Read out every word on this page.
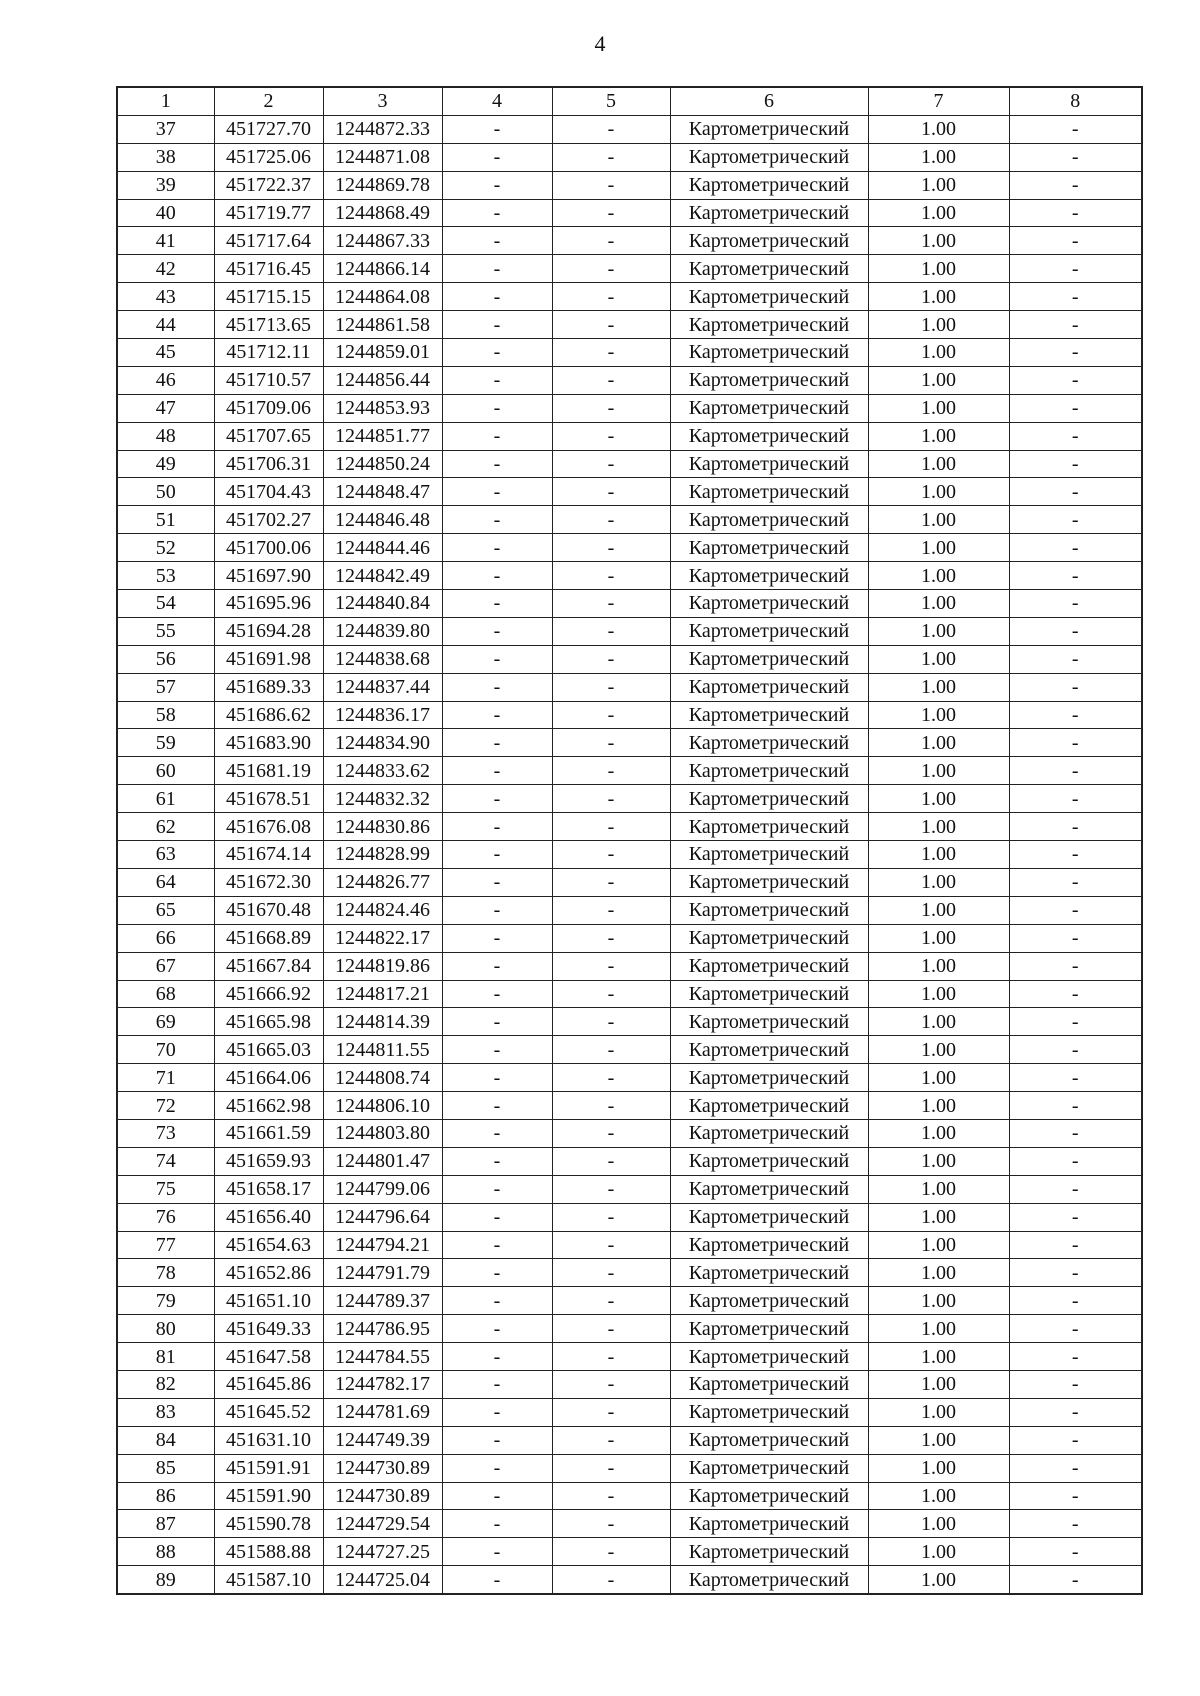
4
1	2	3	4	5	6	7	8
37	451727.70	1244872.33	-	-	Картометрический	1.00	-
38	451725.06	1244871.08	-	-	Картометрический	1.00	-
39	451722.37	1244869.78	-	-	Картометрический	1.00	-
40	451719.77	1244868.49	-	-	Картометрический	1.00	-
41	451717.64	1244867.33	-	-	Картометрический	1.00	-
42	451716.45	1244866.14	-	-	Картометрический	1.00	-
43	451715.15	1244864.08	-	-	Картометрический	1.00	-
44	451713.65	1244861.58	-	-	Картометрический	1.00	-
45	451712.11	1244859.01	-	-	Картометрический	1.00	-
46	451710.57	1244856.44	-	-	Картометрический	1.00	-
47	451709.06	1244853.93	-	-	Картометрический	1.00	-
48	451707.65	1244851.77	-	-	Картометрический	1.00	-
49	451706.31	1244850.24	-	-	Картометрический	1.00	-
50	451704.43	1244848.47	-	-	Картометрический	1.00	-
51	451702.27	1244846.48	-	-	Картометрический	1.00	-
52	451700.06	1244844.46	-	-	Картометрический	1.00	-
53	451697.90	1244842.49	-	-	Картометрический	1.00	-
54	451695.96	1244840.84	-	-	Картометрический	1.00	-
55	451694.28	1244839.80	-	-	Картометрический	1.00	-
56	451691.98	1244838.68	-	-	Картометрический	1.00	-
57	451689.33	1244837.44	-	-	Картометрический	1.00	-
58	451686.62	1244836.17	-	-	Картометрический	1.00	-
59	451683.90	1244834.90	-	-	Картометрический	1.00	-
60	451681.19	1244833.62	-	-	Картометрический	1.00	-
61	451678.51	1244832.32	-	-	Картометрический	1.00	-
62	451676.08	1244830.86	-	-	Картометрический	1.00	-
63	451674.14	1244828.99	-	-	Картометрический	1.00	-
64	451672.30	1244826.77	-	-	Картометрический	1.00	-
65	451670.48	1244824.46	-	-	Картометрический	1.00	-
66	451668.89	1244822.17	-	-	Картометрический	1.00	-
67	451667.84	1244819.86	-	-	Картометрический	1.00	-
68	451666.92	1244817.21	-	-	Картометрический	1.00	-
69	451665.98	1244814.39	-	-	Картометрический	1.00	-
70	451665.03	1244811.55	-	-	Картометрический	1.00	-
71	451664.06	1244808.74	-	-	Картометрический	1.00	-
72	451662.98	1244806.10	-	-	Картометрический	1.00	-
73	451661.59	1244803.80	-	-	Картометрический	1.00	-
74	451659.93	1244801.47	-	-	Картометрический	1.00	-
75	451658.17	1244799.06	-	-	Картометрический	1.00	-
76	451656.40	1244796.64	-	-	Картометрический	1.00	-
77	451654.63	1244794.21	-	-	Картометрический	1.00	-
78	451652.86	1244791.79	-	-	Картометрический	1.00	-
79	451651.10	1244789.37	-	-	Картометрический	1.00	-
80	451649.33	1244786.95	-	-	Картометрический	1.00	-
81	451647.58	1244784.55	-	-	Картометрический	1.00	-
82	451645.86	1244782.17	-	-	Картометрический	1.00	-
83	451645.52	1244781.69	-	-	Картометрический	1.00	-
84	451631.10	1244749.39	-	-	Картометрический	1.00	-
85	451591.91	1244730.89	-	-	Картометрический	1.00	-
86	451591.90	1244730.89	-	-	Картометрический	1.00	-
87	451590.78	1244729.54	-	-	Картометрический	1.00	-
88	451588.88	1244727.25	-	-	Картометрический	1.00	-
89	451587.10	1244725.04	-	-	Картометрический	1.00	-
